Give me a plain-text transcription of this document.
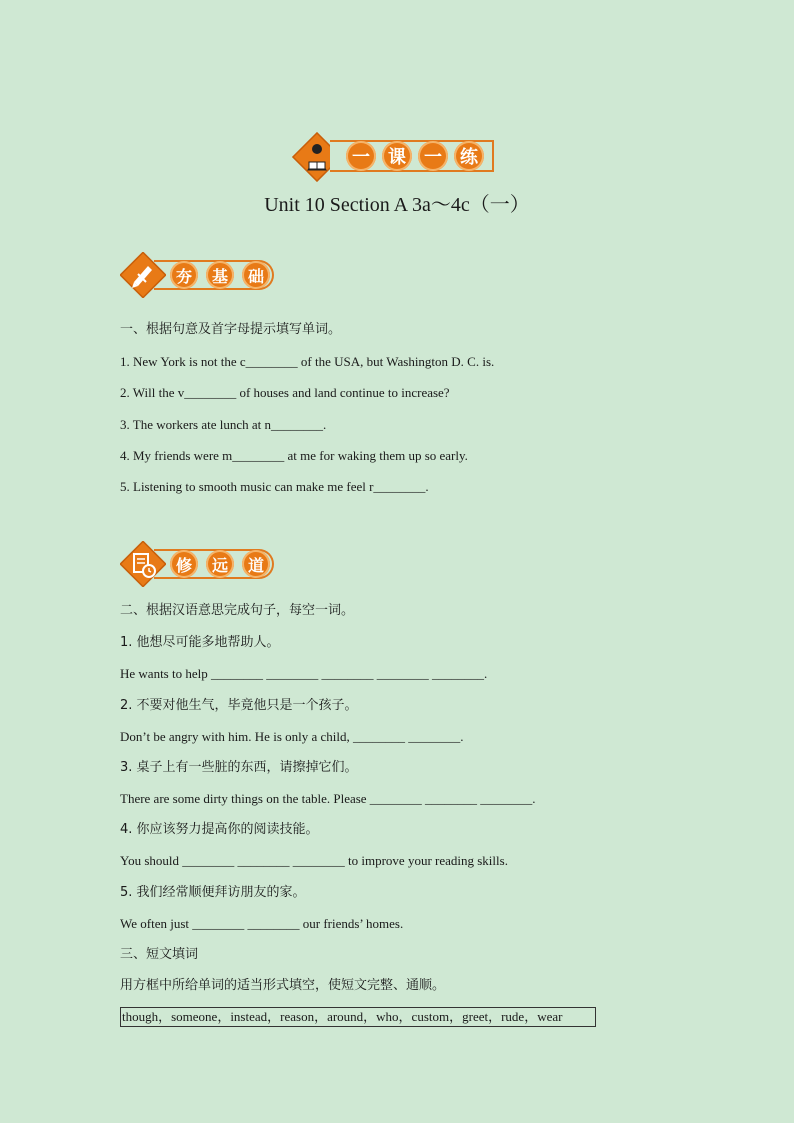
一	课	一	练
Unit 10 Section A 3a～4c（一）
夯	基	础
一、根据句意及首字母提示填写单词。
1. New York is not the c________ of the USA, but Washington D. C. is.
2. Will the v________ of houses and land continue to increase?
3. The workers ate lunch at n________.
4. My friends were m________ at me for waking them up so early.
5. Listening to smooth music can make me feel r________.
修	远	道
二、根据汉语意思完成句子，每空一词。
1. 他想尽可能多地帮助人。
He wants to help ________ ________ ________ ________ ________.
2. 不要对他生气，毕竟他只是一个孩子。
Don’t be angry with him. He is only a child, ________ ________.
3. 桌子上有一些脏的东西，请擦掉它们。
There are some dirty things on the table. Please ________ ________ ________.
4. 你应该努力提高你的阅读技能。
You should ________ ________ ________ to improve your reading skills.
5. 我们经常顺便拜访朋友的家。
We often just ________ ________ our friends’ homes.
三、短文填词
用方框中所给单词的适当形式填空，使短文完整、通顺。
though，someone，instead，reason，around，who，custom，greet，rude，wear
